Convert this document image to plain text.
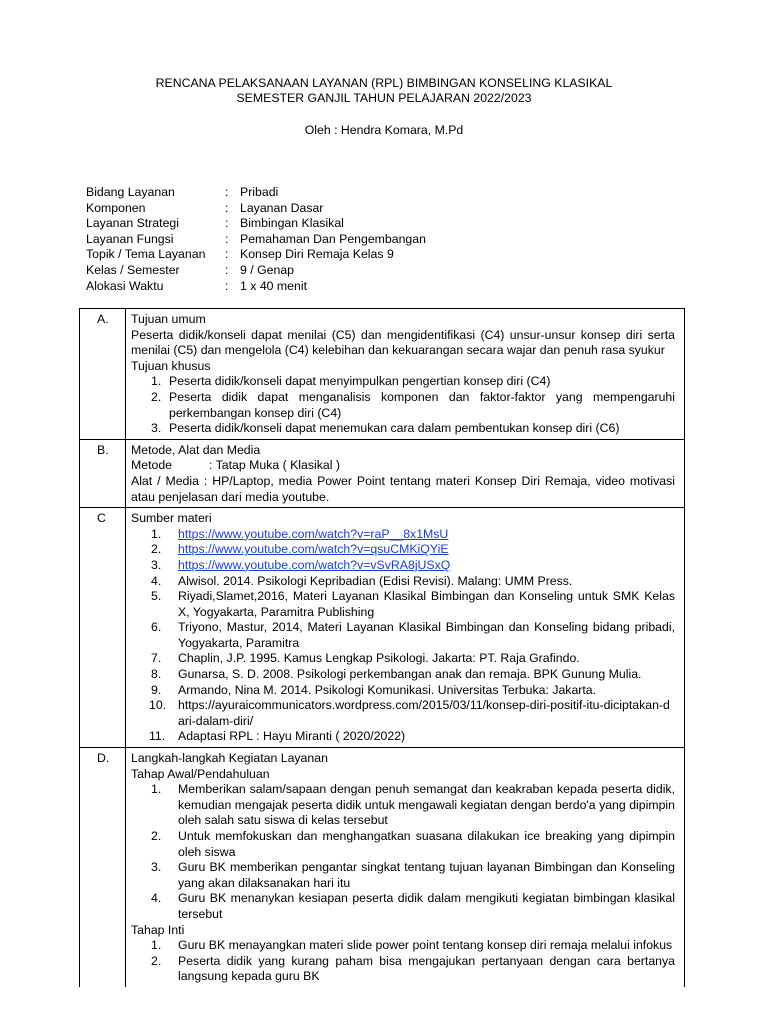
RENCANA PELAKSANAAN LAYANAN (RPL) BIMBINGAN KONSELING KLASIKAL
SEMESTER GANJIL TAHUN PELAJARAN 2022/2023
Oleh : Hendra Komara, M.Pd
Bidang Layanan	: Pribadi
Komponen	: Layanan Dasar
Layanan Strategi	: Bimbingan Klasikal
Layanan Fungsi	: Pemahaman Dan Pengembangan
Topik / Tema Layanan	: Konsep Diri Remaja Kelas 9
Kelas / Semester	: 9 / Genap
Alokasi Waktu	: 1 x 40 menit
A.	Tujuan umum

Peserta didik/konseli dapat menilai (C5) dan mengidentifikasi (C4) unsur-unsur konsep diri serta menilai (C5) dan mengelola (C4) kelebihan dan kekuarangan secara wajar dan penuh rasa syukur

Tujuan khusus

1. Peserta didik/konseli dapat menyimpulkan pengertian konsep diri (C4)
2. Peserta didik dapat menganalisis komponen dan faktor-faktor yang mempengaruhi perkembangan konsep diri (C4)
3. Peserta didik/konseli dapat menemukan cara dalam pembentukan konsep diri (C6)
B.	Metode, Alat dan Media

Metode	: Tatap Muka ( Klasikal )

Alat / Media : HP/Laptop, media Power Point tentang materi Konsep Diri Remaja, video motivasi atau penjelasan dari media youtube.

C	Sumber materi

1. https://www.youtube.com/watch?v=raP__8x1MsU
2. https://www.youtube.com/watch?v=qsuCMKiQYiE
3. https://www.youtube.com/watch?v=vSvRA8jUSxQ
4. Alwisol. 2014. Psikologi Kepribadian (Edisi Revisi). Malang: UMM Press.
5. Riyadi,Slamet,2016, Materi Layanan Klasikal Bimbingan dan Konseling untuk SMK Kelas X, Yogyakarta, Paramitra Publishing
6. Triyono, Mastur, 2014, Materi Layanan Klasikal Bimbingan dan Konseling bidang pribadi, Yogyakarta, Paramitra
7. Chaplin, J.P. 1995. Kamus Lengkap Psikologi. Jakarta: PT. Raja Grafindo.
8. Gunarsa, S. D. 2008. Psikologi perkembangan anak dan remaja. BPK Gunung Mulia.
9. Armando, Nina M. 2014. Psikologi Komunikasi. Universitas Terbuka: Jakarta.
10. https://ayuraicommunicators.wordpress.com/2015/03/11/konsep-diri-positif-itu-diciptakan-dari-dalam-diri/
11. Adaptasi RPL : Hayu Miranti ( 2020/2022)
D.	Langkah-langkah Kegiatan Layanan

Tahap Awal/Pendahuluan

1. Memberikan salam/sapaan dengan penuh semangat dan keakraban kepada peserta didik, kemudian mengajak peserta didik untuk mengawali kegiatan dengan berdo'a yang dipimpin oleh salah satu siswa di kelas tersebut
2. Untuk memfokuskan dan menghangatkan suasana dilakukan ice breaking yang dipimpin oleh siswa
3. Guru BK memberikan pengantar singkat tentang tujuan layanan Bimbingan dan Konseling yang akan dilaksanakan hari itu
4. Guru BK menanykan kesiapan peserta didik dalam mengikuti kegiatan bimbingan klasikal tersebut

Tahap Inti

1. Guru BK menayangkan materi slide power point tentang konsep diri remaja melalui infokus
2. Peserta didik yang kurang paham bisa mengajukan pertanyaan dengan cara bertanya langsung kepada guru BK
